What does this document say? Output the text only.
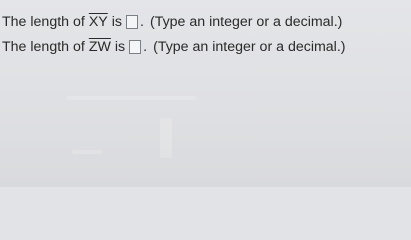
The length of $\overline{XY}$ is . (Type an integer or a decimal.)
The length of $\overline{ZW}$ is . (Type an integer or a decimal.)
